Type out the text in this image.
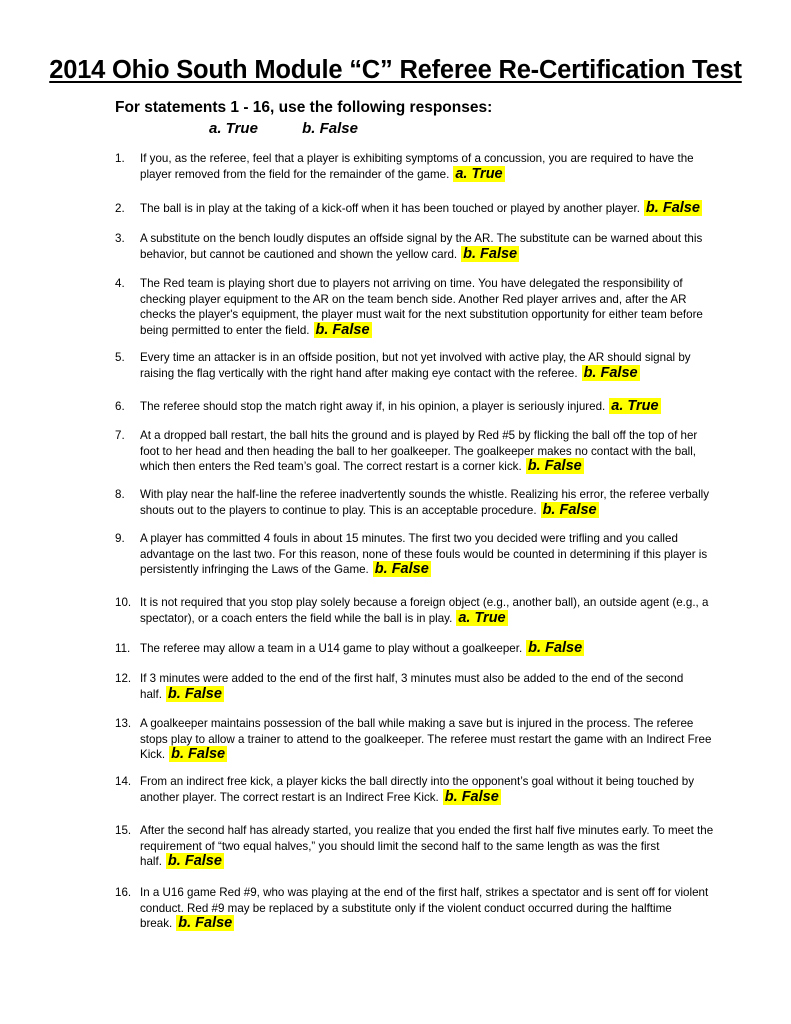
2014 Ohio South Module “C” Referee Re-Certification Test
For statements 1 - 16, use the following responses:
a. True	b. False
1.	If you, as the referee, feel that a player is exhibiting symptoms of a concussion, you are required to have the player removed from the field for the remainder of the game. a. True
2.	The ball is in play at the taking of a kick-off when it has been touched or played by another player. b. False
3.	A substitute on the bench loudly disputes an offside signal by the AR. The substitute can be warned about this behavior, but cannot be cautioned and shown the yellow card. b. False
4.	The Red team is playing short due to players not arriving on time. You have delegated the responsibility of checking player equipment to the AR on the team bench side. Another Red player arrives and, after the AR checks the player's equipment, the player must wait for the next substitution opportunity for either team before being permitted to enter the field. b. False
5.	Every time an attacker is in an offside position, but not yet involved with active play, the AR should signal by raising the flag vertically with the right hand after making eye contact with the referee. b. False
6.	The referee should stop the match right away if, in his opinion, a player is seriously injured. a. True
7.	At a dropped ball restart, the ball hits the ground and is played by Red #5 by flicking the ball off the top of her foot to her head and then heading the ball to her goalkeeper. The goalkeeper makes no contact with the ball, which then enters the Red team’s goal. The correct restart is a corner kick. b. False
8.	With play near the half-line the referee inadvertently sounds the whistle. Realizing his error, the referee verbally shouts out to the players to continue to play. This is an acceptable procedure. b. False
9.	A player has committed 4 fouls in about 15 minutes. The first two you decided were trifling and you called advantage on the last two. For this reason, none of these fouls would be counted in determining if this player is persistently infringing the Laws of the Game. b. False
10. It is not required that you stop play solely because a foreign object (e.g., another ball), an outside agent (e.g., a spectator), or a coach enters the field while the ball is in play. a. True
11. The referee may allow a team in a U14 game to play without a goalkeeper. b. False
12. If 3 minutes were added to the end of the first half, 3 minutes must also be added to the end of the second half. b. False
13. A goalkeeper maintains possession of the ball while making a save but is injured in the process. The referee stops play to allow a trainer to attend to the goalkeeper. The referee must restart the game with an Indirect Free Kick. b. False
14. From an indirect free kick, a player kicks the ball directly into the opponent’s goal without it being touched by another player. The correct restart is an Indirect Free Kick. b. False
15. After the second half has already started, you realize that you ended the first half five minutes early. To meet the requirement of “two equal halves,” you should limit the second half to the same length as was the first half. b. False
16. In a U16 game Red #9, who was playing at the end of the first half, strikes a spectator and is sent off for violent conduct. Red #9 may be replaced by a substitute only if the violent conduct occurred during the halftime break. b. False
